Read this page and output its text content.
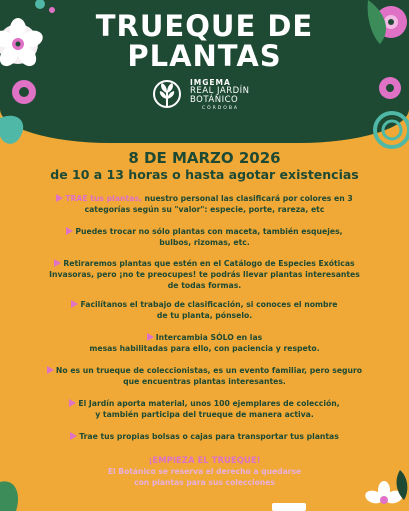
TRUEQUE DE
PLANTAS
IMGEMA
REAL JARDÍN
BOTÁNICO
CÓRDOBA
8 DE MARZO 2026
de 10 a 13 horas o hasta agotar existencias
TRAE tus plantas, nuestro personal las clasificará por colores en 3
categorías según su "valor": especie, porte, rareza, etc
Puedes trocar no sólo plantas con maceta, también esquejes,
bulbos, rizomas, etc.
Retiraremos plantas que estén en el Catálogo de Especies Exóticas
Invasoras, pero ¡no te preocupes! te podrás llevar plantas interesantes
de todas formas.
Facilítanos el trabajo de clasificación, si conoces el nombre
de tu planta, pónselo.
Intercambia SÓLO en las
mesas habilitadas para ello, con paciencia y respeto.
No es un trueque de coleccionistas, es un evento familiar, pero seguro
que encuentras plantas interesantes.
El Jardín aporta material, unos 100 ejemplares de colección,
y también participa del trueque de manera activa.
Trae tus propias bolsas o cajas para transportar tus plantas
¡EMPIEZA EL TRUEQUE!
El Botánico se reserva el derecho a quedarse
con plantas para sus colecciones
